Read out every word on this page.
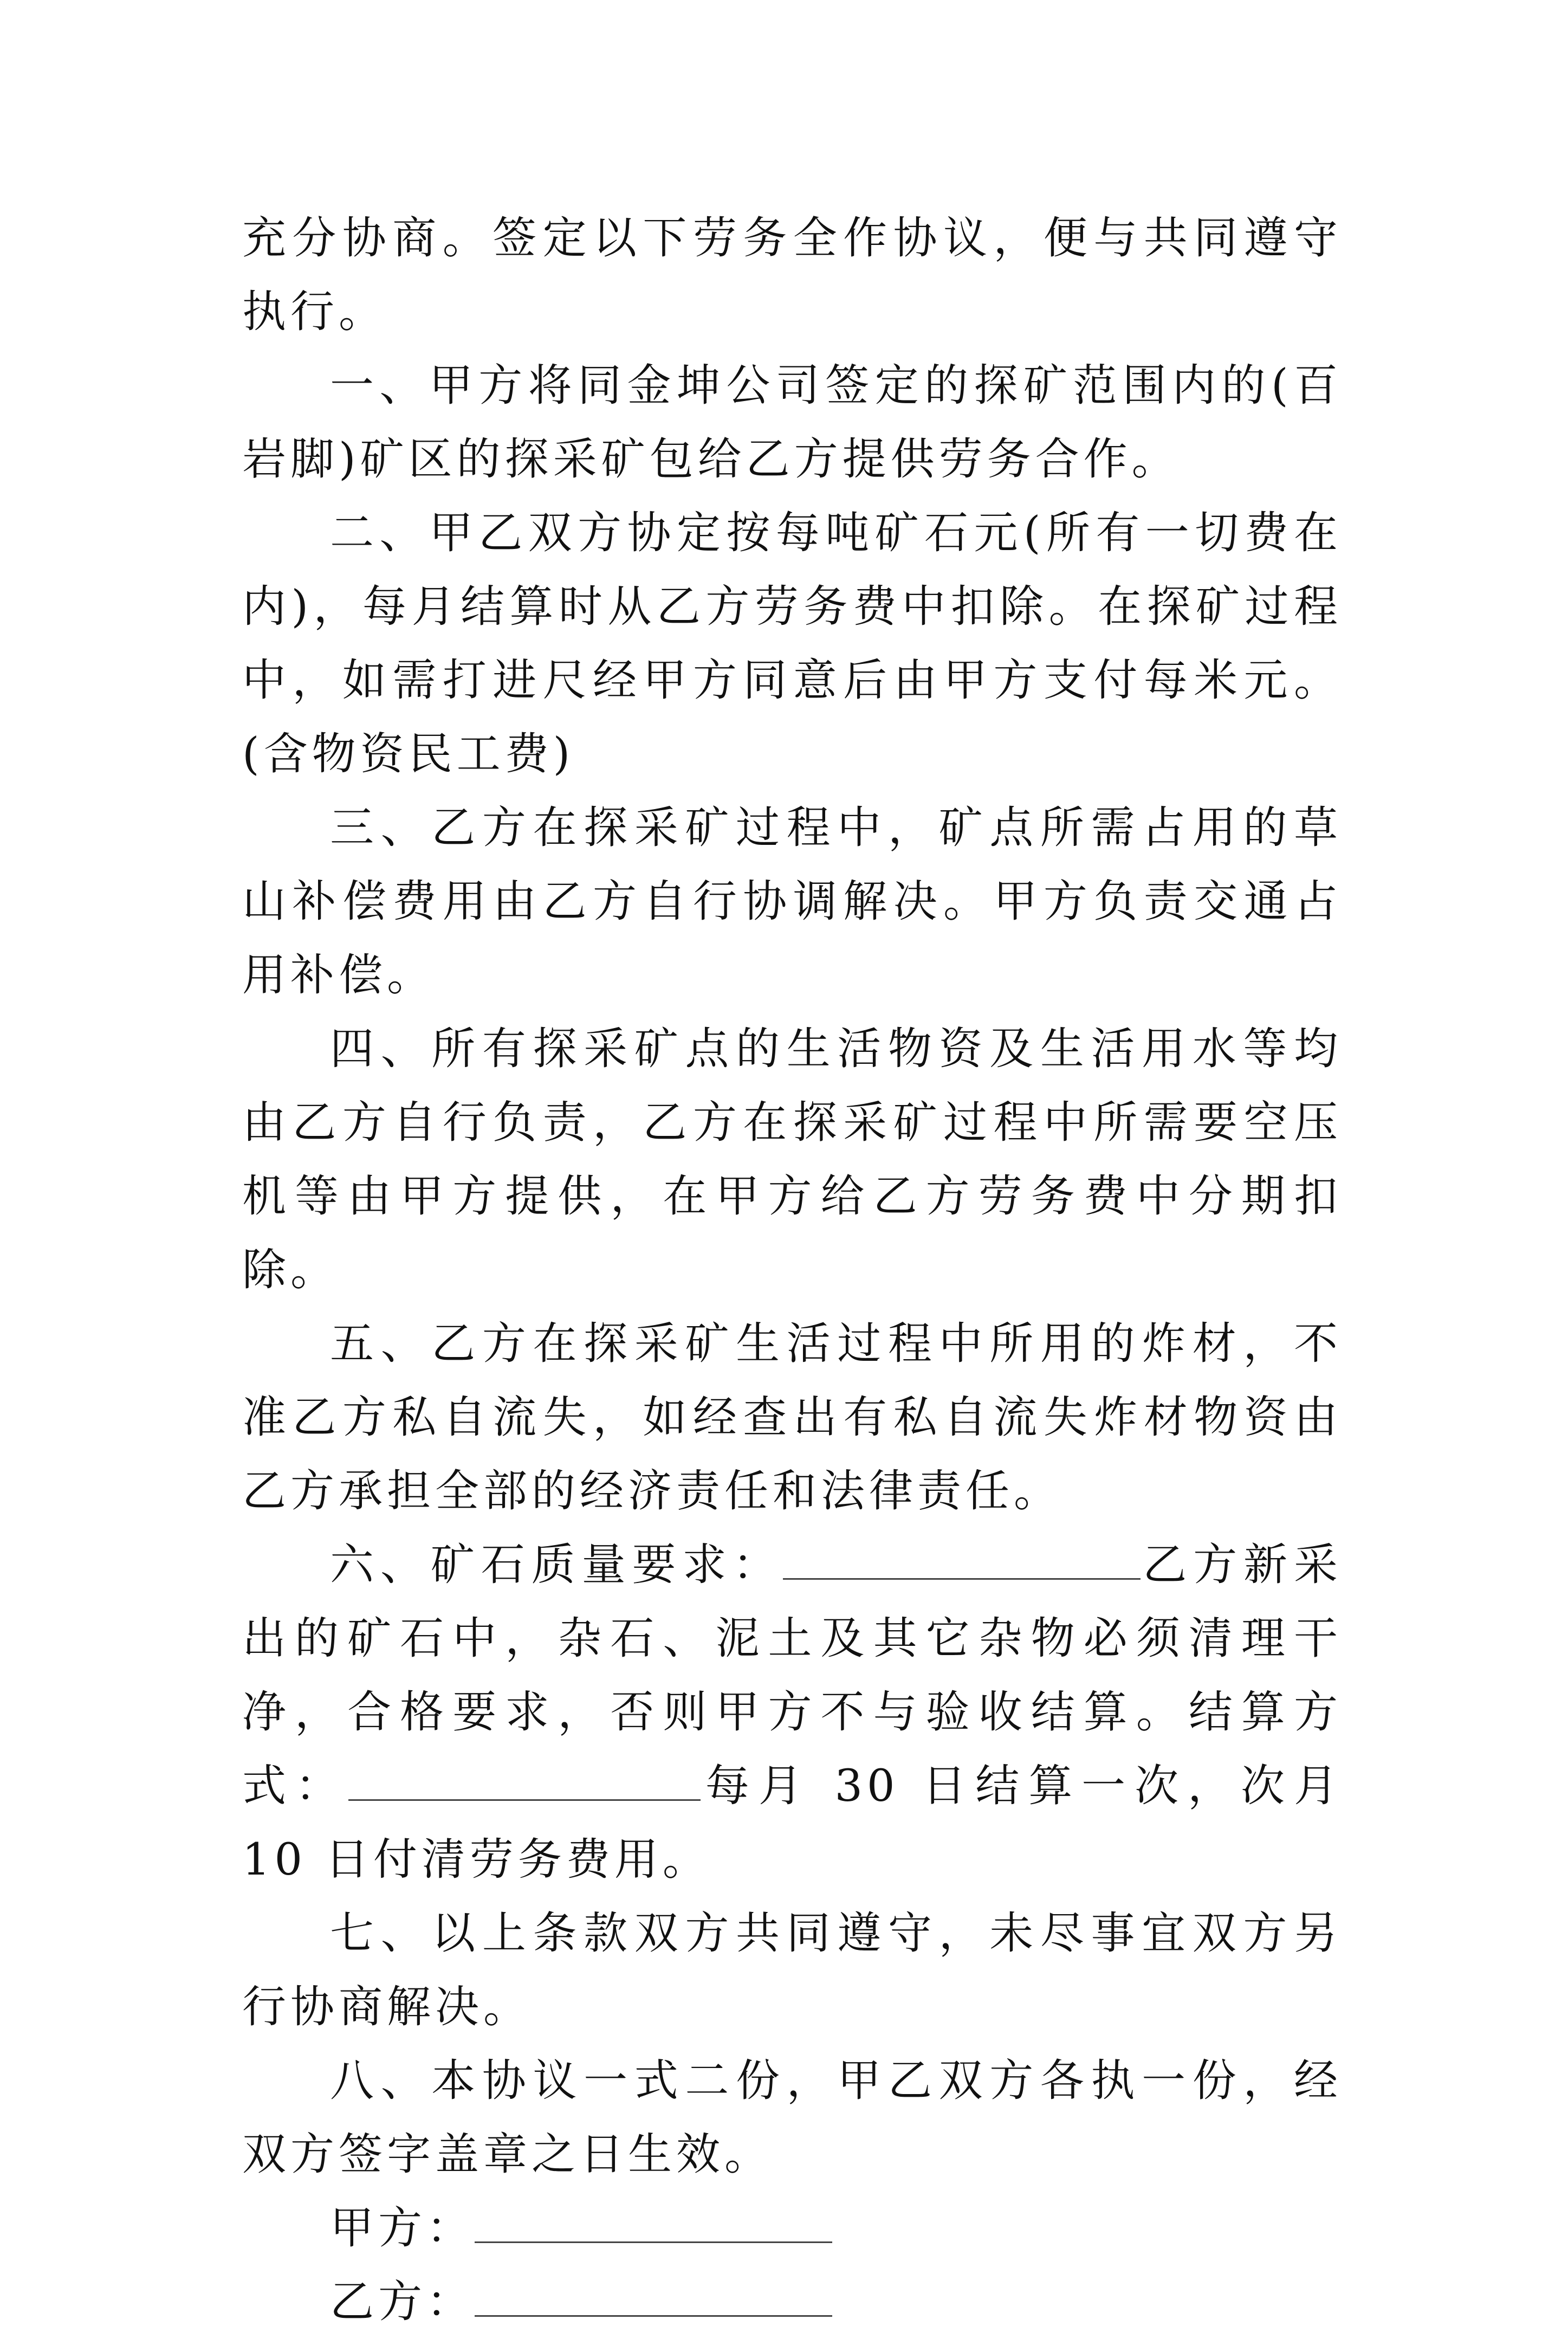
充分协商。签定以下劳务全作协议，便与共同遵守执行。

一、甲方将同金坤公司签定的探矿范围内的(百岩脚)矿区的探采矿包给乙方提供劳务合作。

二、甲乙双方协定按每吨矿石元(所有一切费在内)，每月结算时从乙方劳务费中扣除。在探矿过程中，如需打进尺经甲方同意后由甲方支付每米元。(含物资民工费)

三、乙方在探采矿过程中，矿点所需占用的草山补偿费用由乙方自行协调解决。甲方负责交通占用补偿。

四、所有探采矿点的生活物资及生活用水等均由乙方自行负责，乙方在探采矿过程中所需要空压机等由甲方提供，在甲方给乙方劳务费中分期扣除。

五、乙方在探采矿生活过程中所用的炸材，不准乙方私自流失，如经查出有私自流失炸材物资由乙方承担全部的经济责任和法律责任。

六、矿石质量要求：	乙方新采出的矿石中，杂石、泥土及其它杂物必须清理干净，合格要求，否则甲方不与验收结算。结算方式：	每月 30 日结算一次，次月 10 日付清劳务费用。

七、以上条款双方共同遵守，未尽事宜双方另行协商解决。

八、本协议一式二份，甲乙双方各执一份，经双方签字盖章之日生效。

甲方：

乙方：
